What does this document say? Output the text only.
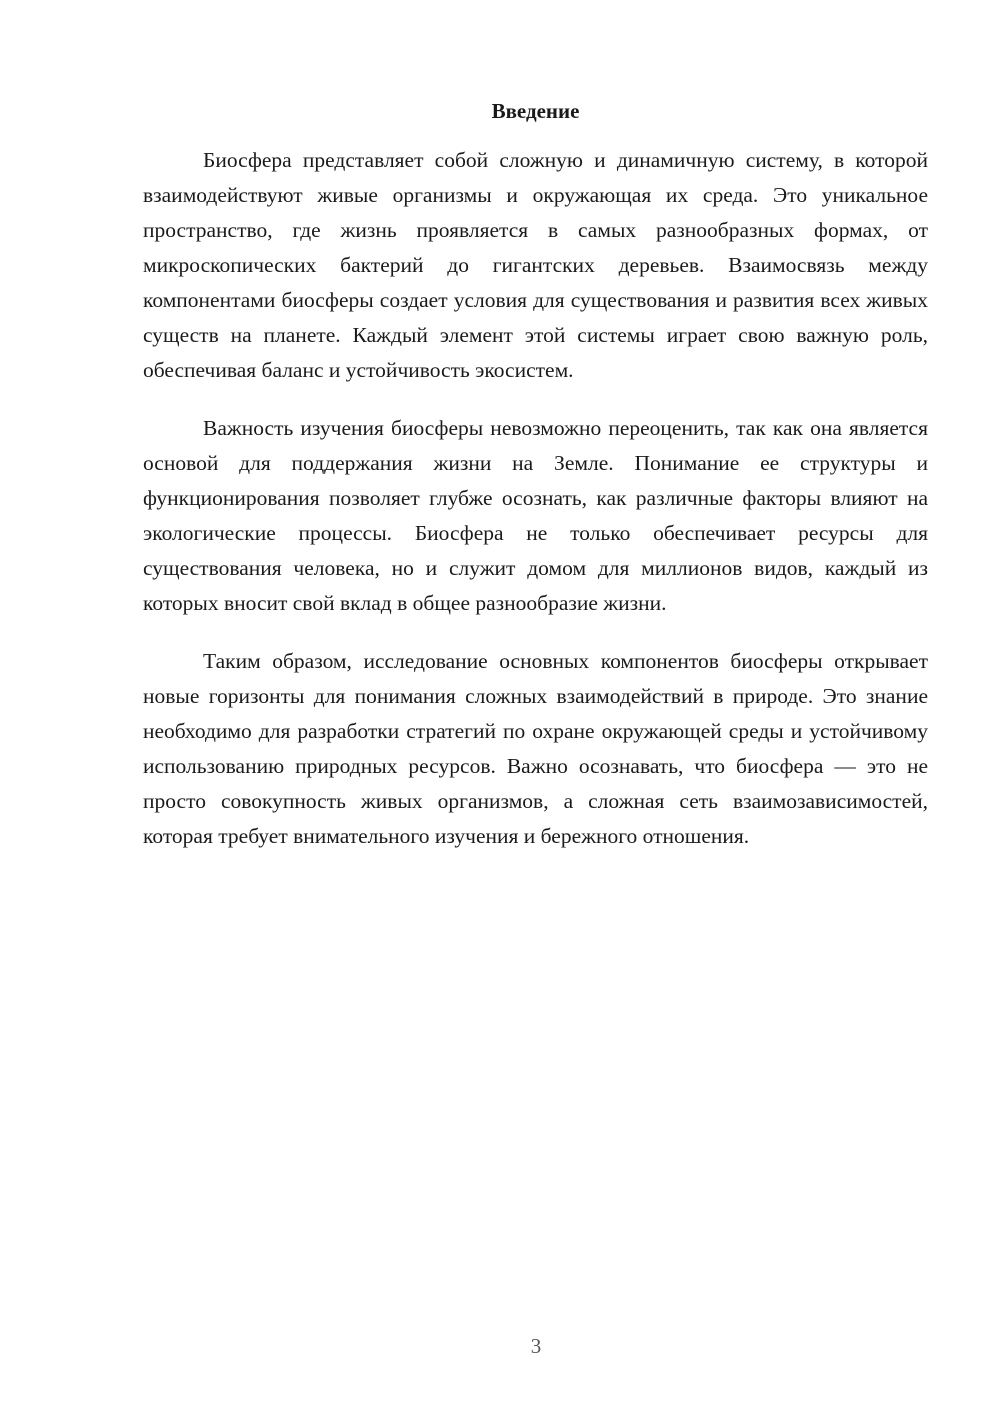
Введение

Биосфера представляет собой сложную и динамичную систему, в которой взаимодействуют живые организмы и окружающая их среда. Это уникальное пространство, где жизнь проявляется в самых разнообразных формах, от микроскопических бактерий до гигантских деревьев. Взаимосвязь между компонентами биосферы создает условия для существования и развития всех живых существ на планете. Каждый элемент этой системы играет свою важную роль, обеспечивая баланс и устойчивость экосистем.

Важность изучения биосферы невозможно переоценить, так как она является основой для поддержания жизни на Земле. Понимание ее структуры и функционирования позволяет глубже осознать, как различные факторы влияют на экологические процессы. Биосфера не только обеспечивает ресурсы для существования человека, но и служит домом для миллионов видов, каждый из которых вносит свой вклад в общее разнообразие жизни.

Таким образом, исследование основных компонентов биосферы открывает новые горизонты для понимания сложных взаимодействий в природе. Это знание необходимо для разработки стратегий по охране окружающей среды и устойчивому использованию природных ресурсов. Важно осознавать, что биосфера — это не просто совокупность живых организмов, а сложная сеть взаимозависимостей, которая требует внимательного изучения и бережного отношения.

3
